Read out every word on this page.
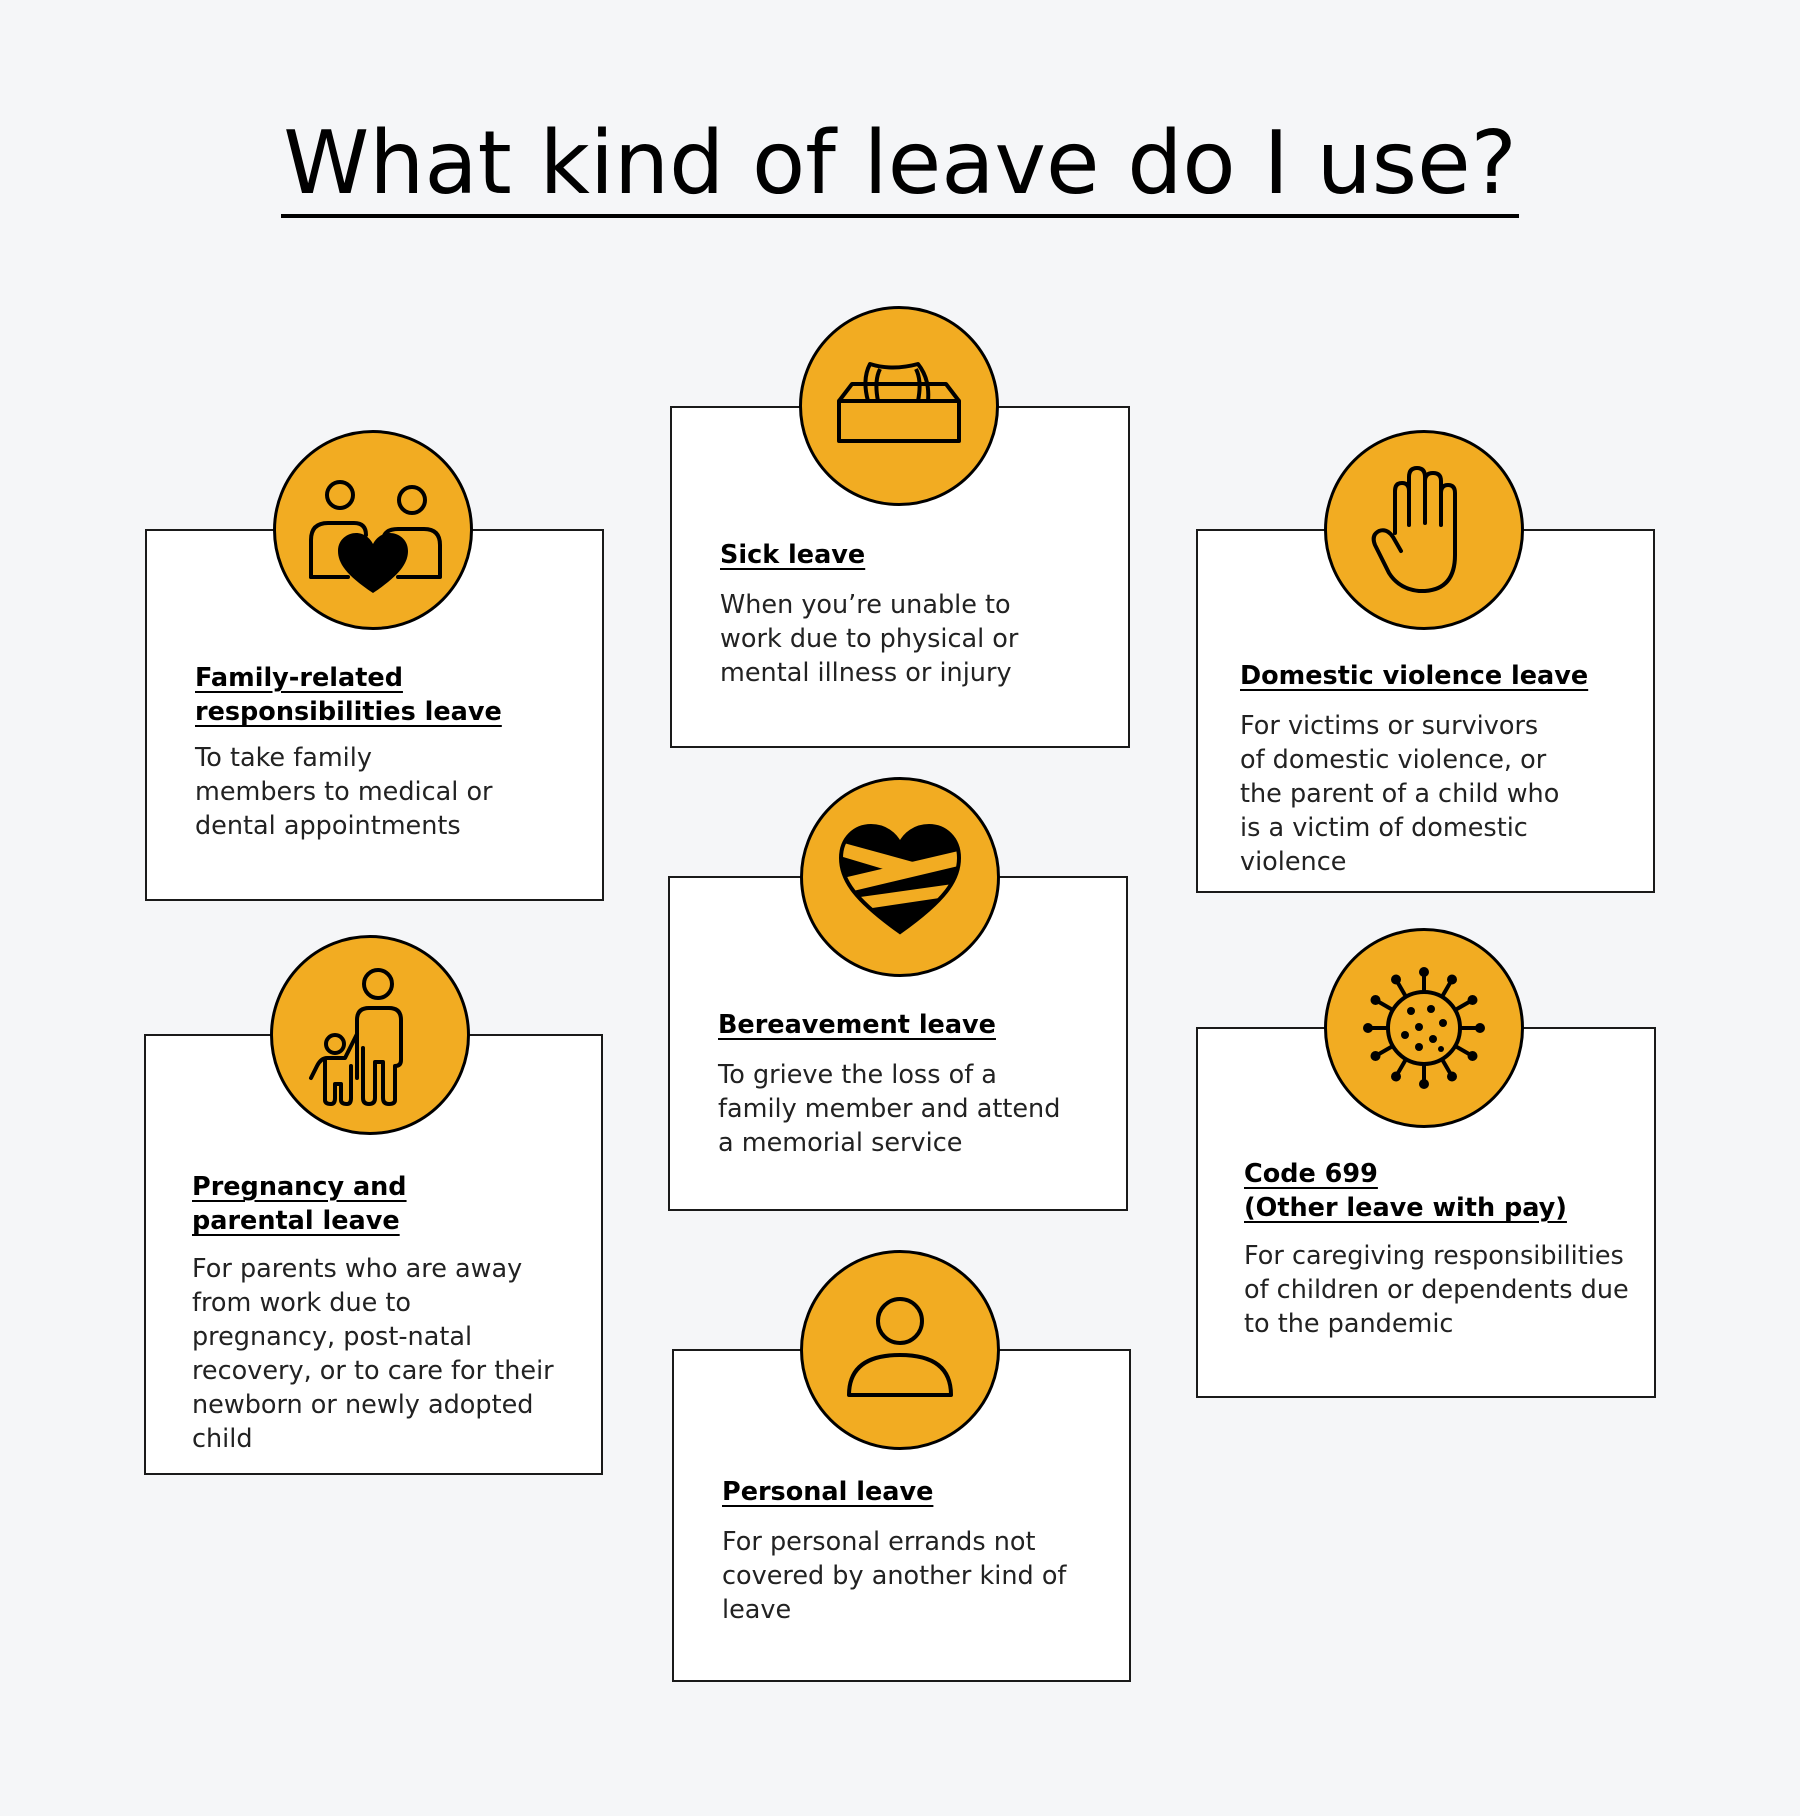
What kind of leave do I use?
Family-related
responsibilities leave

To take family members to medical or dental appointments

Sick leave

When you’re unable to work due to physical or mental illness or injury	Domestic violence leave

For victims or survivors of domestic violence, or the parent of a child who is a victim of domestic violence

Bereavement leave

To grieve the loss of a family member and attend a memorial service

Pregnancy and
parental leave

For parents who are away from work due to pregnancy, post-natal recovery, or to care for their newborn or newly adopted child

Code 699
(Other leave with pay)

For caregiving responsibilities of children or dependents due to the pandemic

Personal leave

For personal errands not covered by another kind of leave
